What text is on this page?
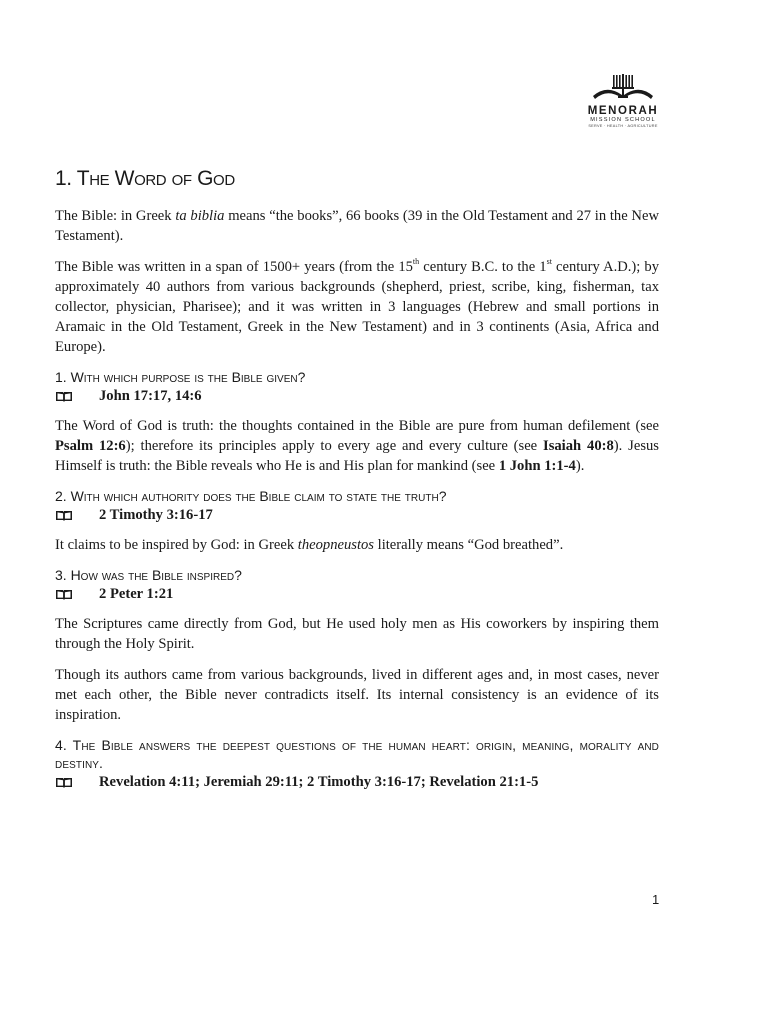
MENORAH
MISSION SCHOOL
SERVE · HEALTH · AGRICULTURE
1. The Word of God

The Bible: in Greek ta biblia means “the books”, 66 books (39 in the Old Testament and 27 in the New Testament).

The Bible was written in a span of 1500+ years (from the 15th century B.C. to the 1st century A.D.); by approximately 40 authors from various backgrounds (shepherd, priest, scribe, king, fisherman, tax collector, physician, Pharisee); and it was written in 3 languages (Hebrew and small portions in Aramaic in the Old Testament, Greek in the New Testament) and in 3 continents (Asia, Africa and Europe).

1. With which purpose is the Bible given?
John 17:17, 14:6

The Word of God is truth: the thoughts contained in the Bible are pure from human defilement (see Psalm 12:6); therefore its principles apply to every age and every culture (see Isaiah 40:8). Jesus Himself is truth: the Bible reveals who He is and His plan for mankind (see 1 John 1:1-4).

2. With which authority does the Bible claim to state the truth?
2 Timothy 3:16-17

It claims to be inspired by God: in Greek theopneustos literally means “God breathed”.

3. How was the Bible inspired?
2 Peter 1:21

The Scriptures came directly from God, but He used holy men as His coworkers by inspiring them through the Holy Spirit.

Though its authors came from various backgrounds, lived in different ages and, in most cases, never met each other, the Bible never contradicts itself. Its internal consistency is an evidence of its inspiration.

4. The Bible answers the deepest questions of the human heart: origin, meaning, morality and destiny.
Revelation 4:11; Jeremiah 29:11; 2 Timothy 3:16-17; Revelation 21:1-5
1
